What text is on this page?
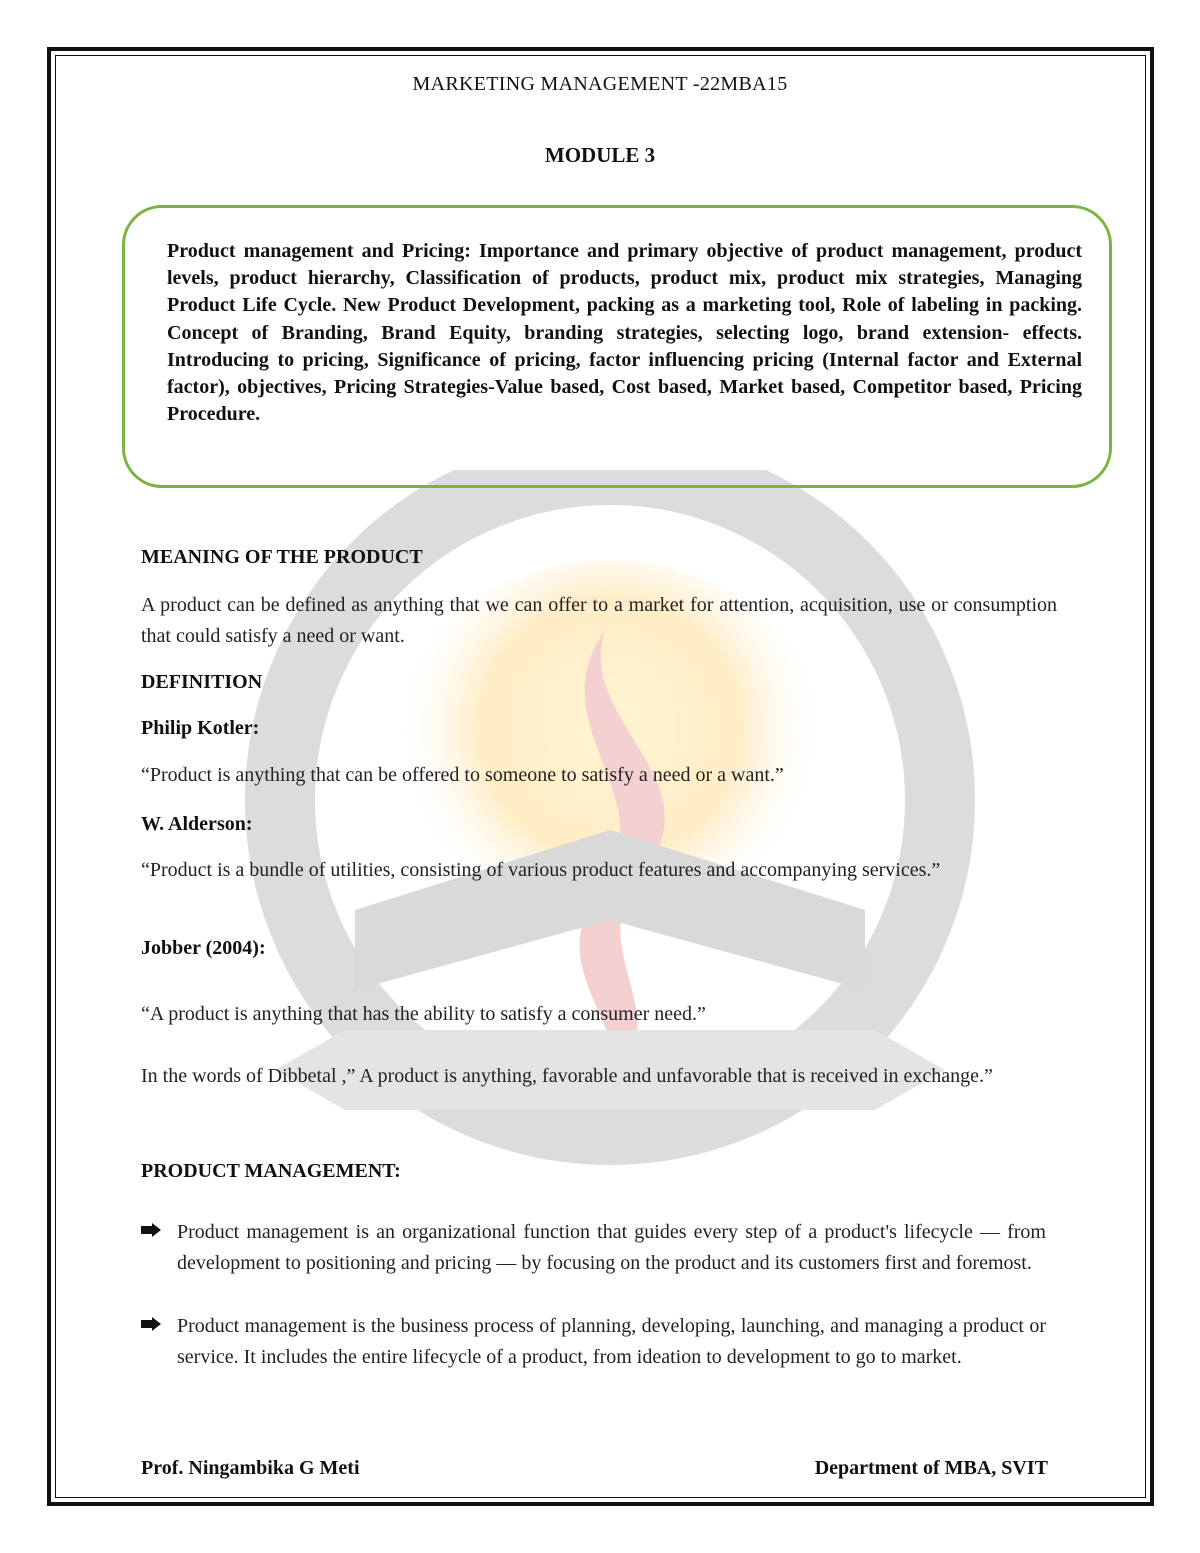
MARKETING MANAGEMENT -22MBA15
MODULE 3
Product management and Pricing: Importance and primary objective of product management, product levels, product hierarchy, Classification of products, product mix, product mix strategies, Managing Product Life Cycle. New Product Development, packing as a marketing tool, Role of labeling in packing. Concept of Branding, Brand Equity, branding strategies, selecting logo, brand extension- effects. Introducing to pricing, Significance of pricing, factor influencing pricing (Internal factor and External factor), objectives, Pricing Strategies-Value based, Cost based, Market based, Competitor based, Pricing Procedure.
MEANING OF THE PRODUCT
A product can be defined as anything that we can offer to a market for attention, acquisition, use or consumption that could satisfy a need or want.
DEFINITION
Philip Kotler:
“Product is anything that can be offered to someone to satisfy a need or a want.”
W. Alderson:
“Product is a bundle of utilities, consisting of various product features and accompanying services.”
Jobber (2004):
“A product is anything that has the ability to satisfy a consumer need.”
In the words of Dibbetal ,” A product is anything, favorable and unfavorable that is received in exchange.”
PRODUCT MANAGEMENT:
Product management is an organizational function that guides every step of a product's lifecycle — from development to positioning and pricing — by focusing on the product and its customers first and foremost.
Product management is the business process of planning, developing, launching, and managing a product or service. It includes the entire lifecycle of a product, from ideation to development to go to market.
Prof. Ningambika G Meti	Department of MBA, SVIT
